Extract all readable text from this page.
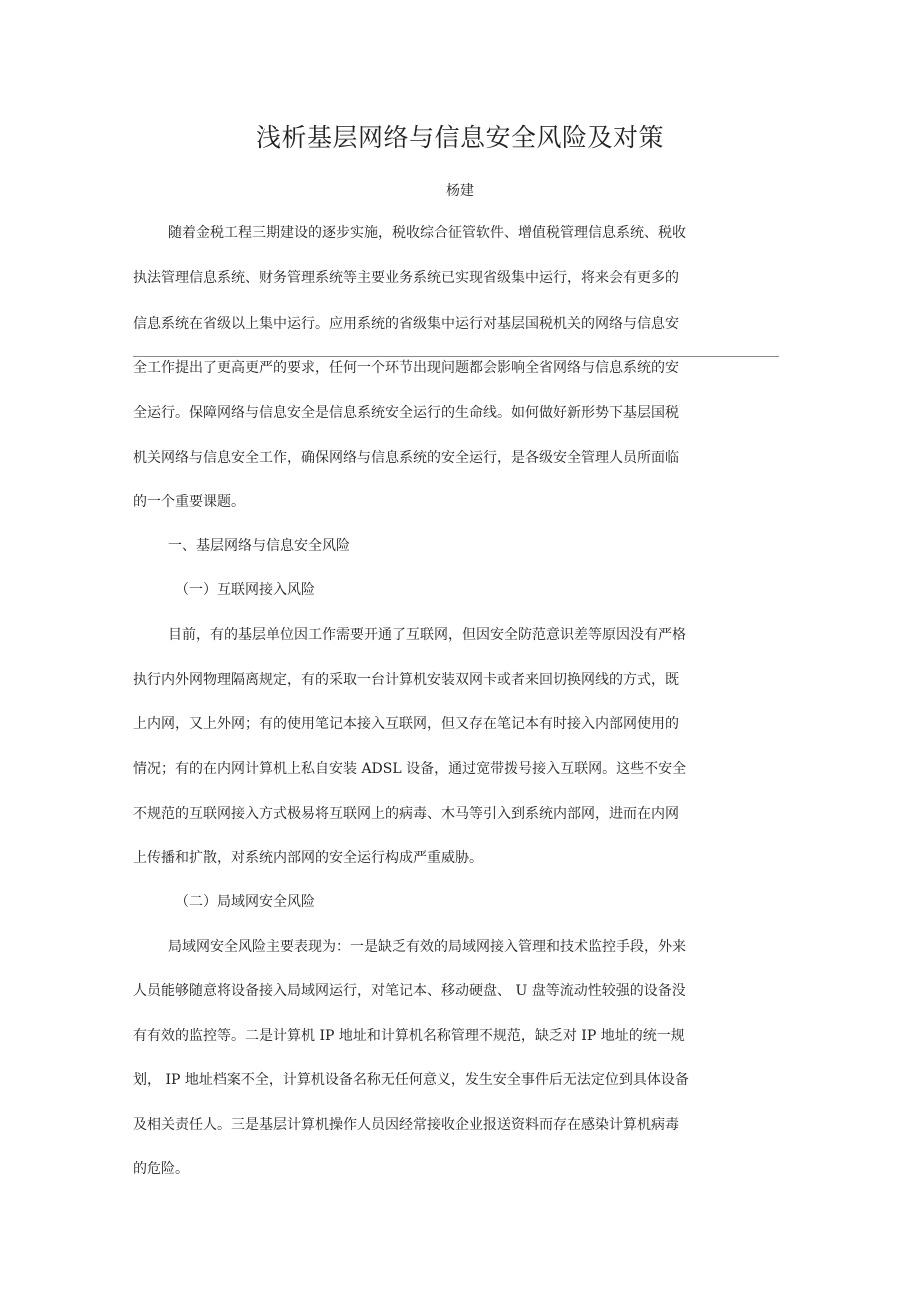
浅析基层网络与信息安全风险及对策
杨建
随着金税工程三期建设的逐步实施，税收综合征管软件、增值税管理信息系统、税收
执法管理信息系统、财务管理系统等主要业务系统已实现省级集中运行，将来会有更多的
信息系统在省级以上集中运行。应用系统的省级集中运行对基层国税机关的网络与信息安
全工作提出了更高更严的要求，任何一个环节出现问题都会影响全省网络与信息系统的安
全运行。保障网络与信息安全是信息系统安全运行的生命线。如何做好新形势下基层国税
机关网络与信息安全工作，确保网络与信息系统的安全运行，是各级安全管理人员所面临
的一个重要课题。
一、基层网络与信息安全风险
（一）互联网接入风险
目前，有的基层单位因工作需要开通了互联网，但因安全防范意识差等原因没有严格
执行内外网物理隔离规定，有的采取一台计算机安装双网卡或者来回切换网线的方式，既
上内网，又上外网；有的使用笔记本接入互联网，但又存在笔记本有时接入内部网使用的
情况；有的在内网计算机上私自安装 ADSL 设备，通过宽带拨号接入互联网。这些不安全
不规范的互联网接入方式极易将互联网上的病毒、木马等引入到系统内部网，进而在内网
上传播和扩散，对系统内部网的安全运行构成严重威胁。
（二）局域网安全风险
局域网安全风险主要表现为：一是缺乏有效的局域网接入管理和技术监控手段，外来
人员能够随意将设备接入局域网运行，对笔记本、移动硬盘、 U 盘等流动性较强的设备没
有有效的监控等。二是计算机 IP 地址和计算机名称管理不规范，缺乏对 IP 地址的统一规
划， IP 地址档案不全，计算机设备名称无任何意义，发生安全事件后无法定位到具体设备
及相关责任人。三是基层计算机操作人员因经常接收企业报送资料而存在感染计算机病毒
的危险。
